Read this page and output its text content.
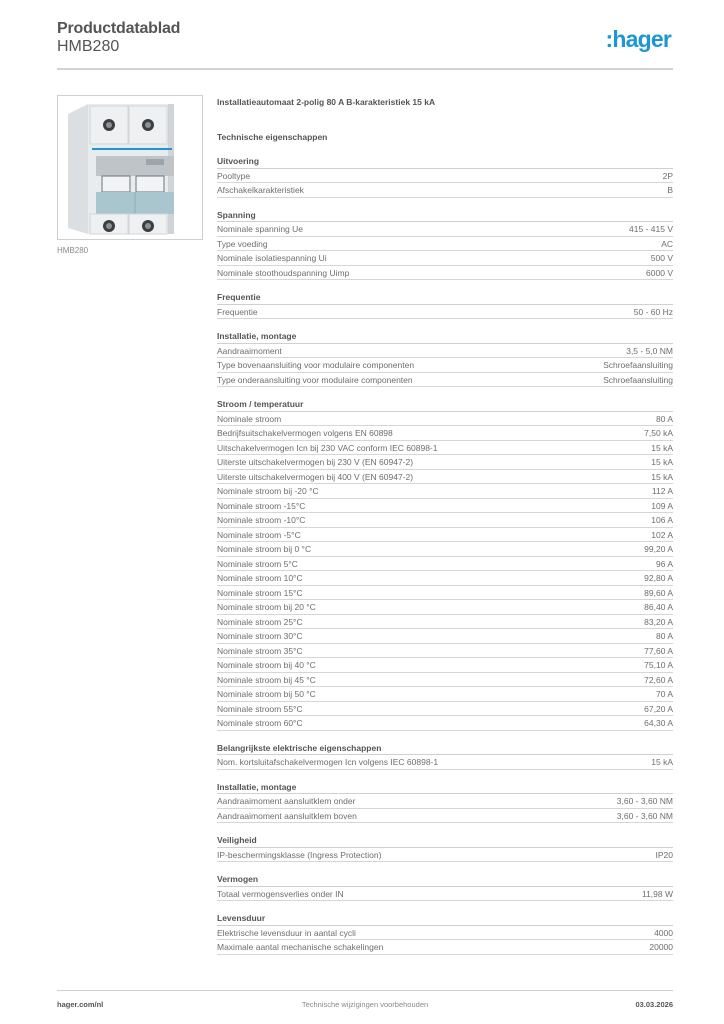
Productdatablad
HMB280	:hager
HMB280
Installatieautomaat 2-polig 80 A B-karakteristiek 15 kA
Technische eigenschappen
Uitvoering
Pooltype	2P
Afschakelkarakteristiek	B
Spanning
Nominale spanning Ue	415 - 415 V
Type voeding	AC
Nominale isolatiespanning Ui	500 V
Nominale stoothoudspanning Uimp	6000 V
Frequentie
Frequentie	50 - 60 Hz
Installatie, montage
Aandraaimoment	3,5 - 5,0 NM
Type bovenaansluiting voor modulaire componenten	Schroefaansluiting
Type onderaansluiting voor modulaire componenten	Schroefaansluiting
Stroom / temperatuur
Nominale stroom	80 A
Bedrijfsuitschakelvermogen volgens EN 60898	7,50 kA
Uitschakelvermogen Icn bij 230 VAC conform IEC 60898-1	15 kA
Uiterste uitschakelvermogen bij 230 V (EN 60947-2)	15 kA
Uiterste uitschakelvermogen bij 400 V (EN 60947-2)	15 kA
Nominale stroom bij -20 °C	112 A
Nominale stroom -15°C	109 A
Nominale stroom -10°C	106 A
Nominale stroom -5°C	102 A
Nominale stroom bij 0 °C	99,20 A
Nominale stroom 5°C	96 A
Nominale stroom 10°C	92,80 A
Nominale stroom 15°C	89,60 A
Nominale stroom bij 20 °C	86,40 A
Nominale stroom 25°C	83,20 A
Nominale stroom 30°C	80 A
Nominale stroom 35°C	77,60 A
Nominale stroom bij 40 °C	75,10 A
Nominale stroom bij 45 °C	72,60 A
Nominale stroom bij 50 °C	70 A
Nominale stroom 55°C	67,20 A
Nominale stroom 60°C	64,30 A
Belangrijkste elektrische eigenschappen
Nom. kortsluitafschakelvermogen Icn volgens IEC 60898-1	15 kA
Installatie, montage
Aandraaimoment aansluitklem onder	3,60 - 3,60 NM
Aandraaimoment aansluitklem boven	3,60 - 3,60 NM
Veiligheid
IP-beschermingsklasse (Ingress Protection)	IP20
Vermogen
Totaal vermogensverlies onder IN	11,98 W
Levensduur
Elektrische levensduur in aantal cycli	4000
Maximale aantal mechanische schakelingen	20000
hager.com/nl	Technische wijzigingen voorbehouden	03.03.2026
